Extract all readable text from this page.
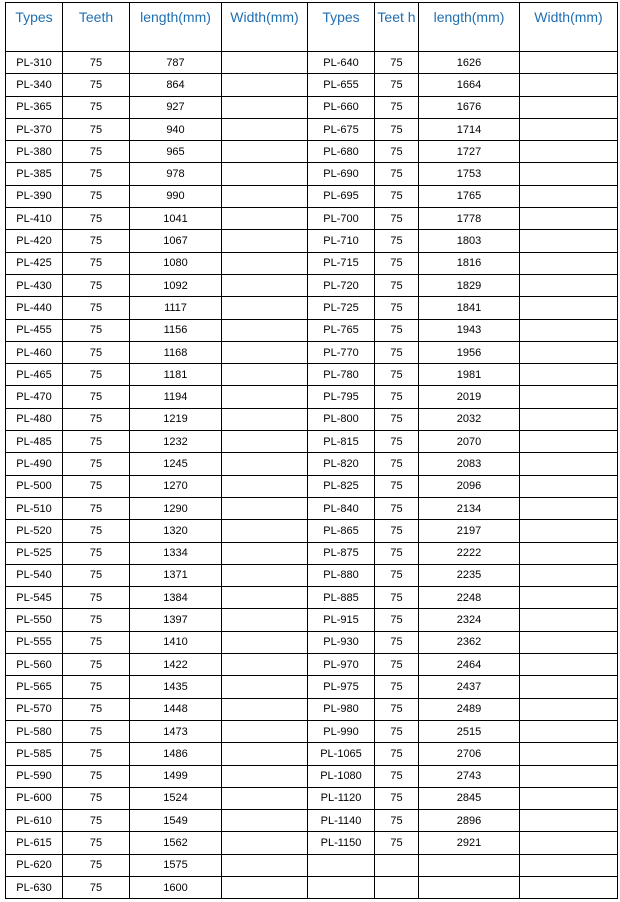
Types	Teeth	length(mm)	Width(mm)	Types	Teet h	length(mm)	Width(mm)
PL-310	75	787		PL-640	75	1626	
PL-340	75	864		PL-655	75	1664	
PL-365	75	927		PL-660	75	1676	
PL-370	75	940		PL-675	75	1714	
PL-380	75	965		PL-680	75	1727	
PL-385	75	978		PL-690	75	1753	
PL-390	75	990		PL-695	75	1765	
PL-410	75	1041		PL-700	75	1778	
PL-420	75	1067		PL-710	75	1803	
PL-425	75	1080		PL-715	75	1816	
PL-430	75	1092		PL-720	75	1829	
PL-440	75	1117		PL-725	75	1841	
PL-455	75	1156		PL-765	75	1943	
PL-460	75	1168		PL-770	75	1956	
PL-465	75	1181		PL-780	75	1981	
PL-470	75	1194		PL-795	75	2019	
PL-480	75	1219		PL-800	75	2032	
PL-485	75	1232		PL-815	75	2070	
PL-490	75	1245		PL-820	75	2083	
PL-500	75	1270		PL-825	75	2096	
PL-510	75	1290		PL-840	75	2134	
PL-520	75	1320		PL-865	75	2197	
PL-525	75	1334		PL-875	75	2222	
PL-540	75	1371		PL-880	75	2235	
PL-545	75	1384		PL-885	75	2248	
PL-550	75	1397		PL-915	75	2324	
PL-555	75	1410		PL-930	75	2362	
PL-560	75	1422		PL-970	75	2464	
PL-565	75	1435		PL-975	75	2437	
PL-570	75	1448		PL-980	75	2489	
PL-580	75	1473		PL-990	75	2515	
PL-585	75	1486		PL-1065	75	2706	
PL-590	75	1499		PL-1080	75	2743	
PL-600	75	1524		PL-1120	75	2845	
PL-610	75	1549		PL-1140	75	2896	
PL-615	75	1562		PL-1150	75	2921	
PL-620	75	1575					
PL-630	75	1600					
